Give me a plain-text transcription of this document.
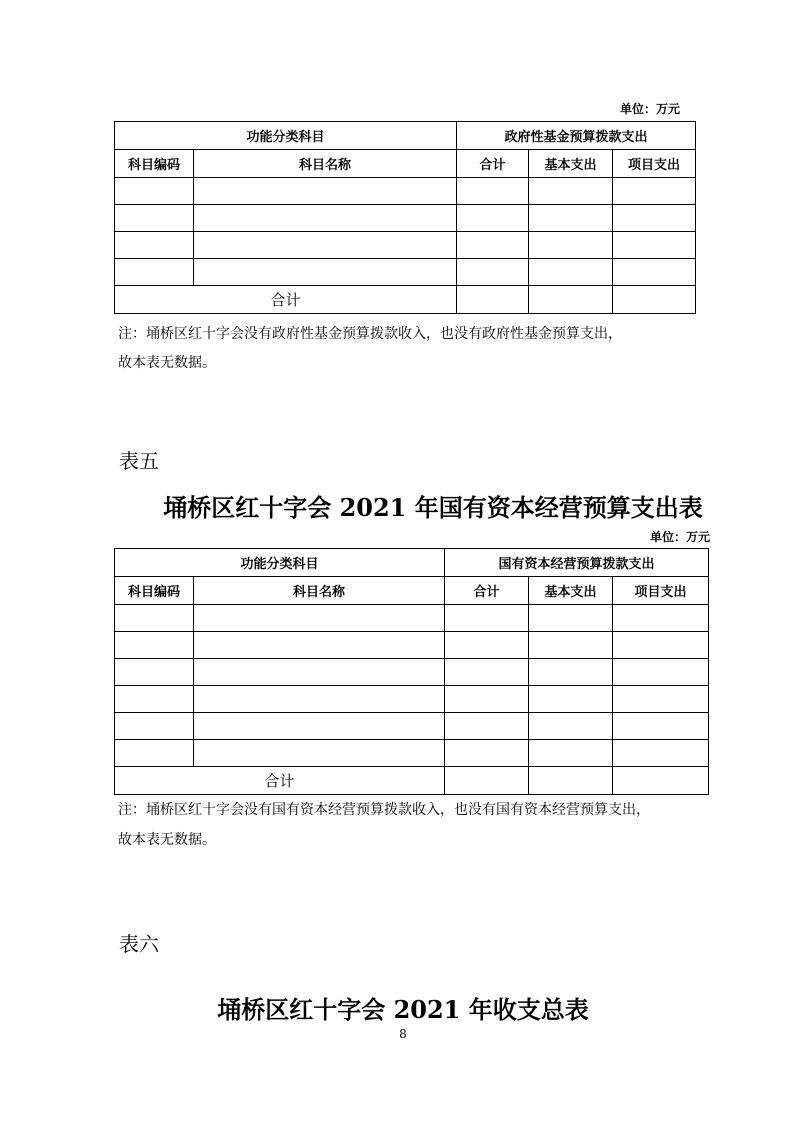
单位：万元
功能分类科目		政府性基金预算拨款支出		
科目编码	科目名称	合计	基本支出	项目支出

合计				
注：埇桥区红十字会没有政府性基金预算拨款收入，也没有政府性基金预算支出，
故本表无数据。
表五
埇桥区红十字会 2021 年国有资本经营预算支出表
单位：万元
功能分类科目		国有资本经营预算拨款支出		
科目编码	科目名称	合计	基本支出	项目支出

合计				
注：埇桥区红十字会没有国有资本经营预算拨款收入，也没有国有资本经营预算支出，
故本表无数据。
表六
埇桥区红十字会 2021 年收支总表
8
